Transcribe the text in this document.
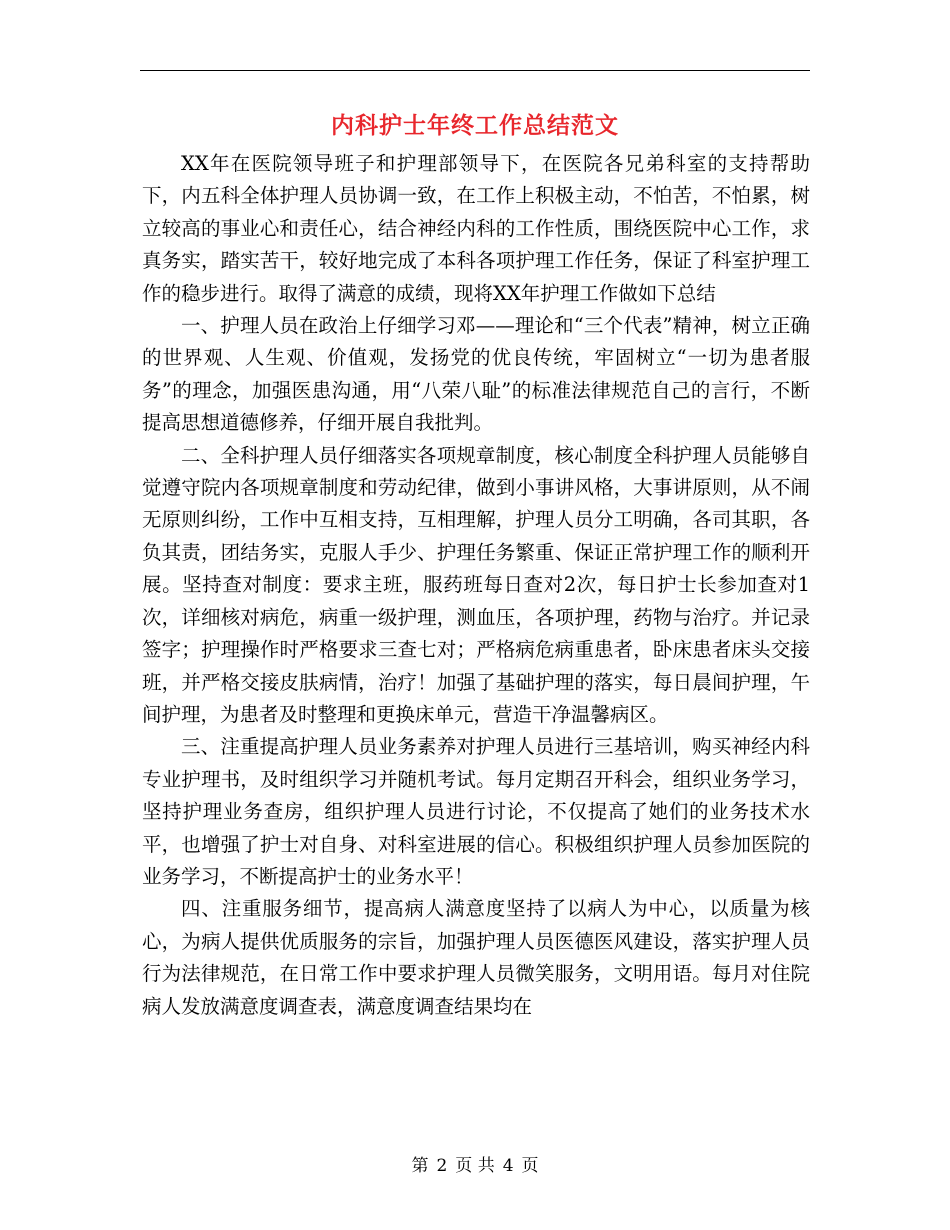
内科护士年终工作总结范文

XX年在医院领导班子和护理部领导下，在医院各兄弟科室的支持帮助下，内五科全体护理人员协调一致，在工作上积极主动，不怕苦，不怕累，树立较高的事业心和责任心，结合神经内科的工作性质，围绕医院中心工作，求真务实，踏实苦干，较好地完成了本科各项护理工作任务，保证了科室护理工作的稳步进行。取得了满意的成绩，现将XX年护理工作做如下总结

一、护理人员在政治上仔细学习邓——理论和“三个代表”精神，树立正确的世界观、人生观、价值观，发扬党的优良传统，牢固树立“一切为患者服务”的理念，加强医患沟通，用“八荣八耻”的标准法律规范自己的言行，不断提高思想道德修养，仔细开展自我批判。

二、全科护理人员仔细落实各项规章制度，核心制度全科护理人员能够自觉遵守院内各项规章制度和劳动纪律，做到小事讲风格，大事讲原则，从不闹无原则纠纷，工作中互相支持，互相理解，护理人员分工明确，各司其职，各负其责，团结务实，克服人手少、护理任务繁重、保证正常护理工作的顺利开展。坚持查对制度：要求主班，服药班每日查对2次，每日护士长参加查对1次，详细核对病危，病重一级护理，测血压，各项护理，药物与治疗。并记录签字；护理操作时严格要求三查七对；严格病危病重患者，卧床患者床头交接班，并严格交接皮肤病情，治疗！加强了基础护理的落实，每日晨间护理，午间护理，为患者及时整理和更换床单元，营造干净温馨病区。

三、注重提高护理人员业务素养对护理人员进行三基培训，购买神经内科专业护理书，及时组织学习并随机考试。每月定期召开科会，组织业务学习，坚持护理业务查房，组织护理人员进行讨论，不仅提高了她们的业务技术水平，也增强了护士对自身、对科室进展的信心。积极组织护理人员参加医院的业务学习，不断提高护士的业务水平！

四、注重服务细节，提高病人满意度坚持了以病人为中心，以质量为核心，为病人提供优质服务的宗旨，加强护理人员医德医风建设，落实护理人员行为法律规范，在日常工作中要求护理人员微笑服务，文明用语。每月对住院病人发放满意度调查表，满意度调查结果均在

第 2 页 共 4 页
